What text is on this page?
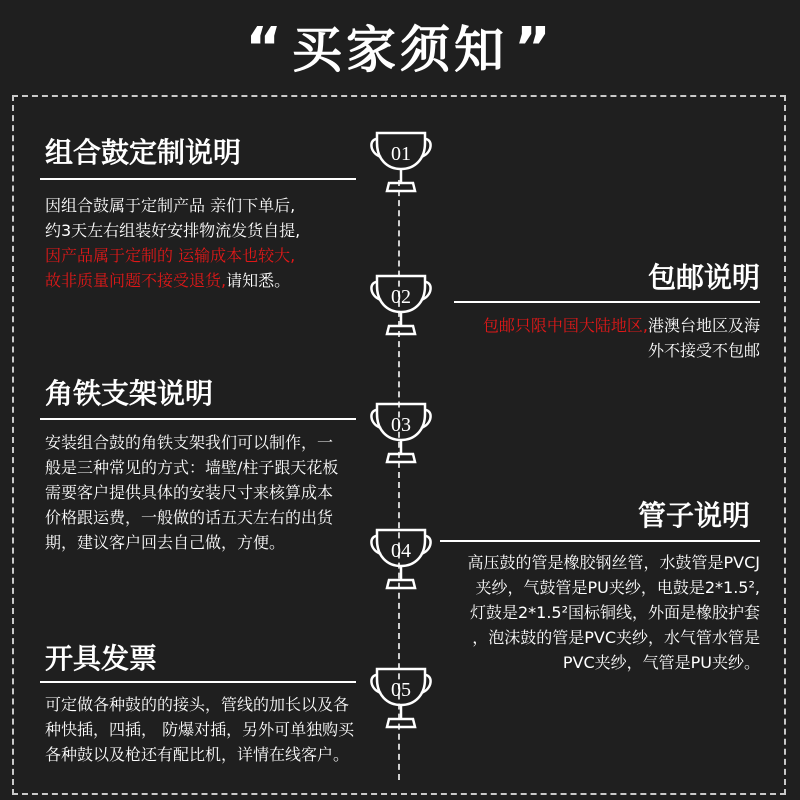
“ 买家须知 ”
01
02
03
04
05
组合鼓定制说明
因组合鼓属于定制产品 亲们下单后,
约3天左右组装好安排物流发货自提,
因产品属于定制的 运输成本也较大,
故非质量问题不接受退货,请知悉。	包邮说明
包邮只限中国大陆地区,港澳台地区及海
外不接受不包邮
角铁支架说明
安装组合鼓的角铁支架我们可以制作，一
般是三种常见的方式：墙壁/柱子跟天花板
需要客户提供具体的安装尺寸来核算成本
价格跟运费，一般做的话五天左右的出货
期，建议客户回去自己做，方便。
管子说明
高压鼓的管是橡胶钢丝管，水鼓管是PVCJ
夹纱，气鼓管是PU夹纱，电鼓是2*1.5²,
灯鼓是2*1.5²国标铜线，外面是橡胶护套
，泡沫鼓的管是PVC夹纱，水气管水管是
PVC夹纱，气管是PU夹纱。
开具发票
可定做各种鼓的的接头，管线的加长以及各
种快插，四插， 防爆对插，另外可单独购买
各种鼓以及枪还有配比机，详情在线客户。
